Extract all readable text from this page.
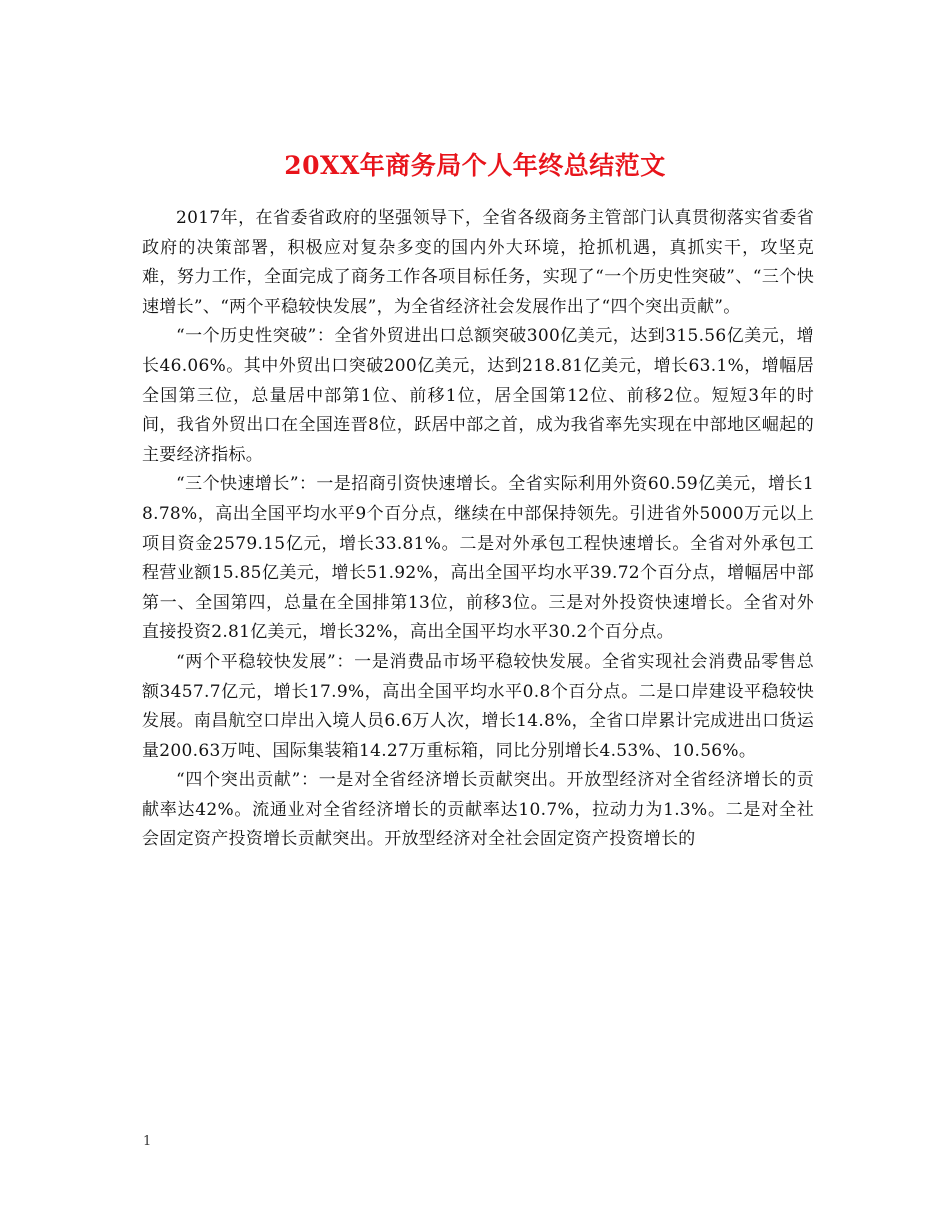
20XX年商务局个人年终总结范文

2017年，在省委省政府的坚强领导下，全省各级商务主管部门认真贯彻落实省委省政府的决策部署，积极应对复杂多变的国内外大环境，抢抓机遇，真抓实干，攻坚克难，努力工作，全面完成了商务工作各项目标任务，实现了“一个历史性突破”、“三个快速增长”、“两个平稳较快发展”，为全省经济社会发展作出了“四个突出贡献”。

“一个历史性突破”：全省外贸进出口总额突破300亿美元，达到315.56亿美元，增长46.06%。其中外贸出口突破200亿美元，达到218.81亿美元，增长63.1%，增幅居全国第三位，总量居中部第1位、前移1位，居全国第12位、前移2位。短短3年的时间，我省外贸出口在全国连晋8位，跃居中部之首，成为我省率先实现在中部地区崛起的主要经济指标。

“三个快速增长”：一是招商引资快速增长。全省实际利用外资60.59亿美元，增长18.78%，高出全国平均水平9个百分点，继续在中部保持领先。引进省外5000万元以上项目资金2579.15亿元，增长33.81%。二是对外承包工程快速增长。全省对外承包工程营业额15.85亿美元，增长51.92%，高出全国平均水平39.72个百分点，增幅居中部第一、全国第四，总量在全国排第13位，前移3位。三是对外投资快速增长。全省对外直接投资2.81亿美元，增长32%，高出全国平均水平30.2个百分点。

“两个平稳较快发展”：一是消费品市场平稳较快发展。全省实现社会消费品零售总额3457.7亿元，增长17.9%，高出全国平均水平0.8个百分点。二是口岸建设平稳较快发展。南昌航空口岸出入境人员6.6万人次，增长14.8%，全省口岸累计完成进出口货运量200.63万吨、国际集装箱14.27万重标箱，同比分别增长4.53%、10.56%。

“四个突出贡献”：一是对全省经济增长贡献突出。开放型经济对全省经济增长的贡献率达42%。流通业对全省经济增长的贡献率达10.7%，拉动力为1.3%。二是对全社会固定资产投资增长贡献突出。开放型经济对全社会固定资产投资增长的

1
